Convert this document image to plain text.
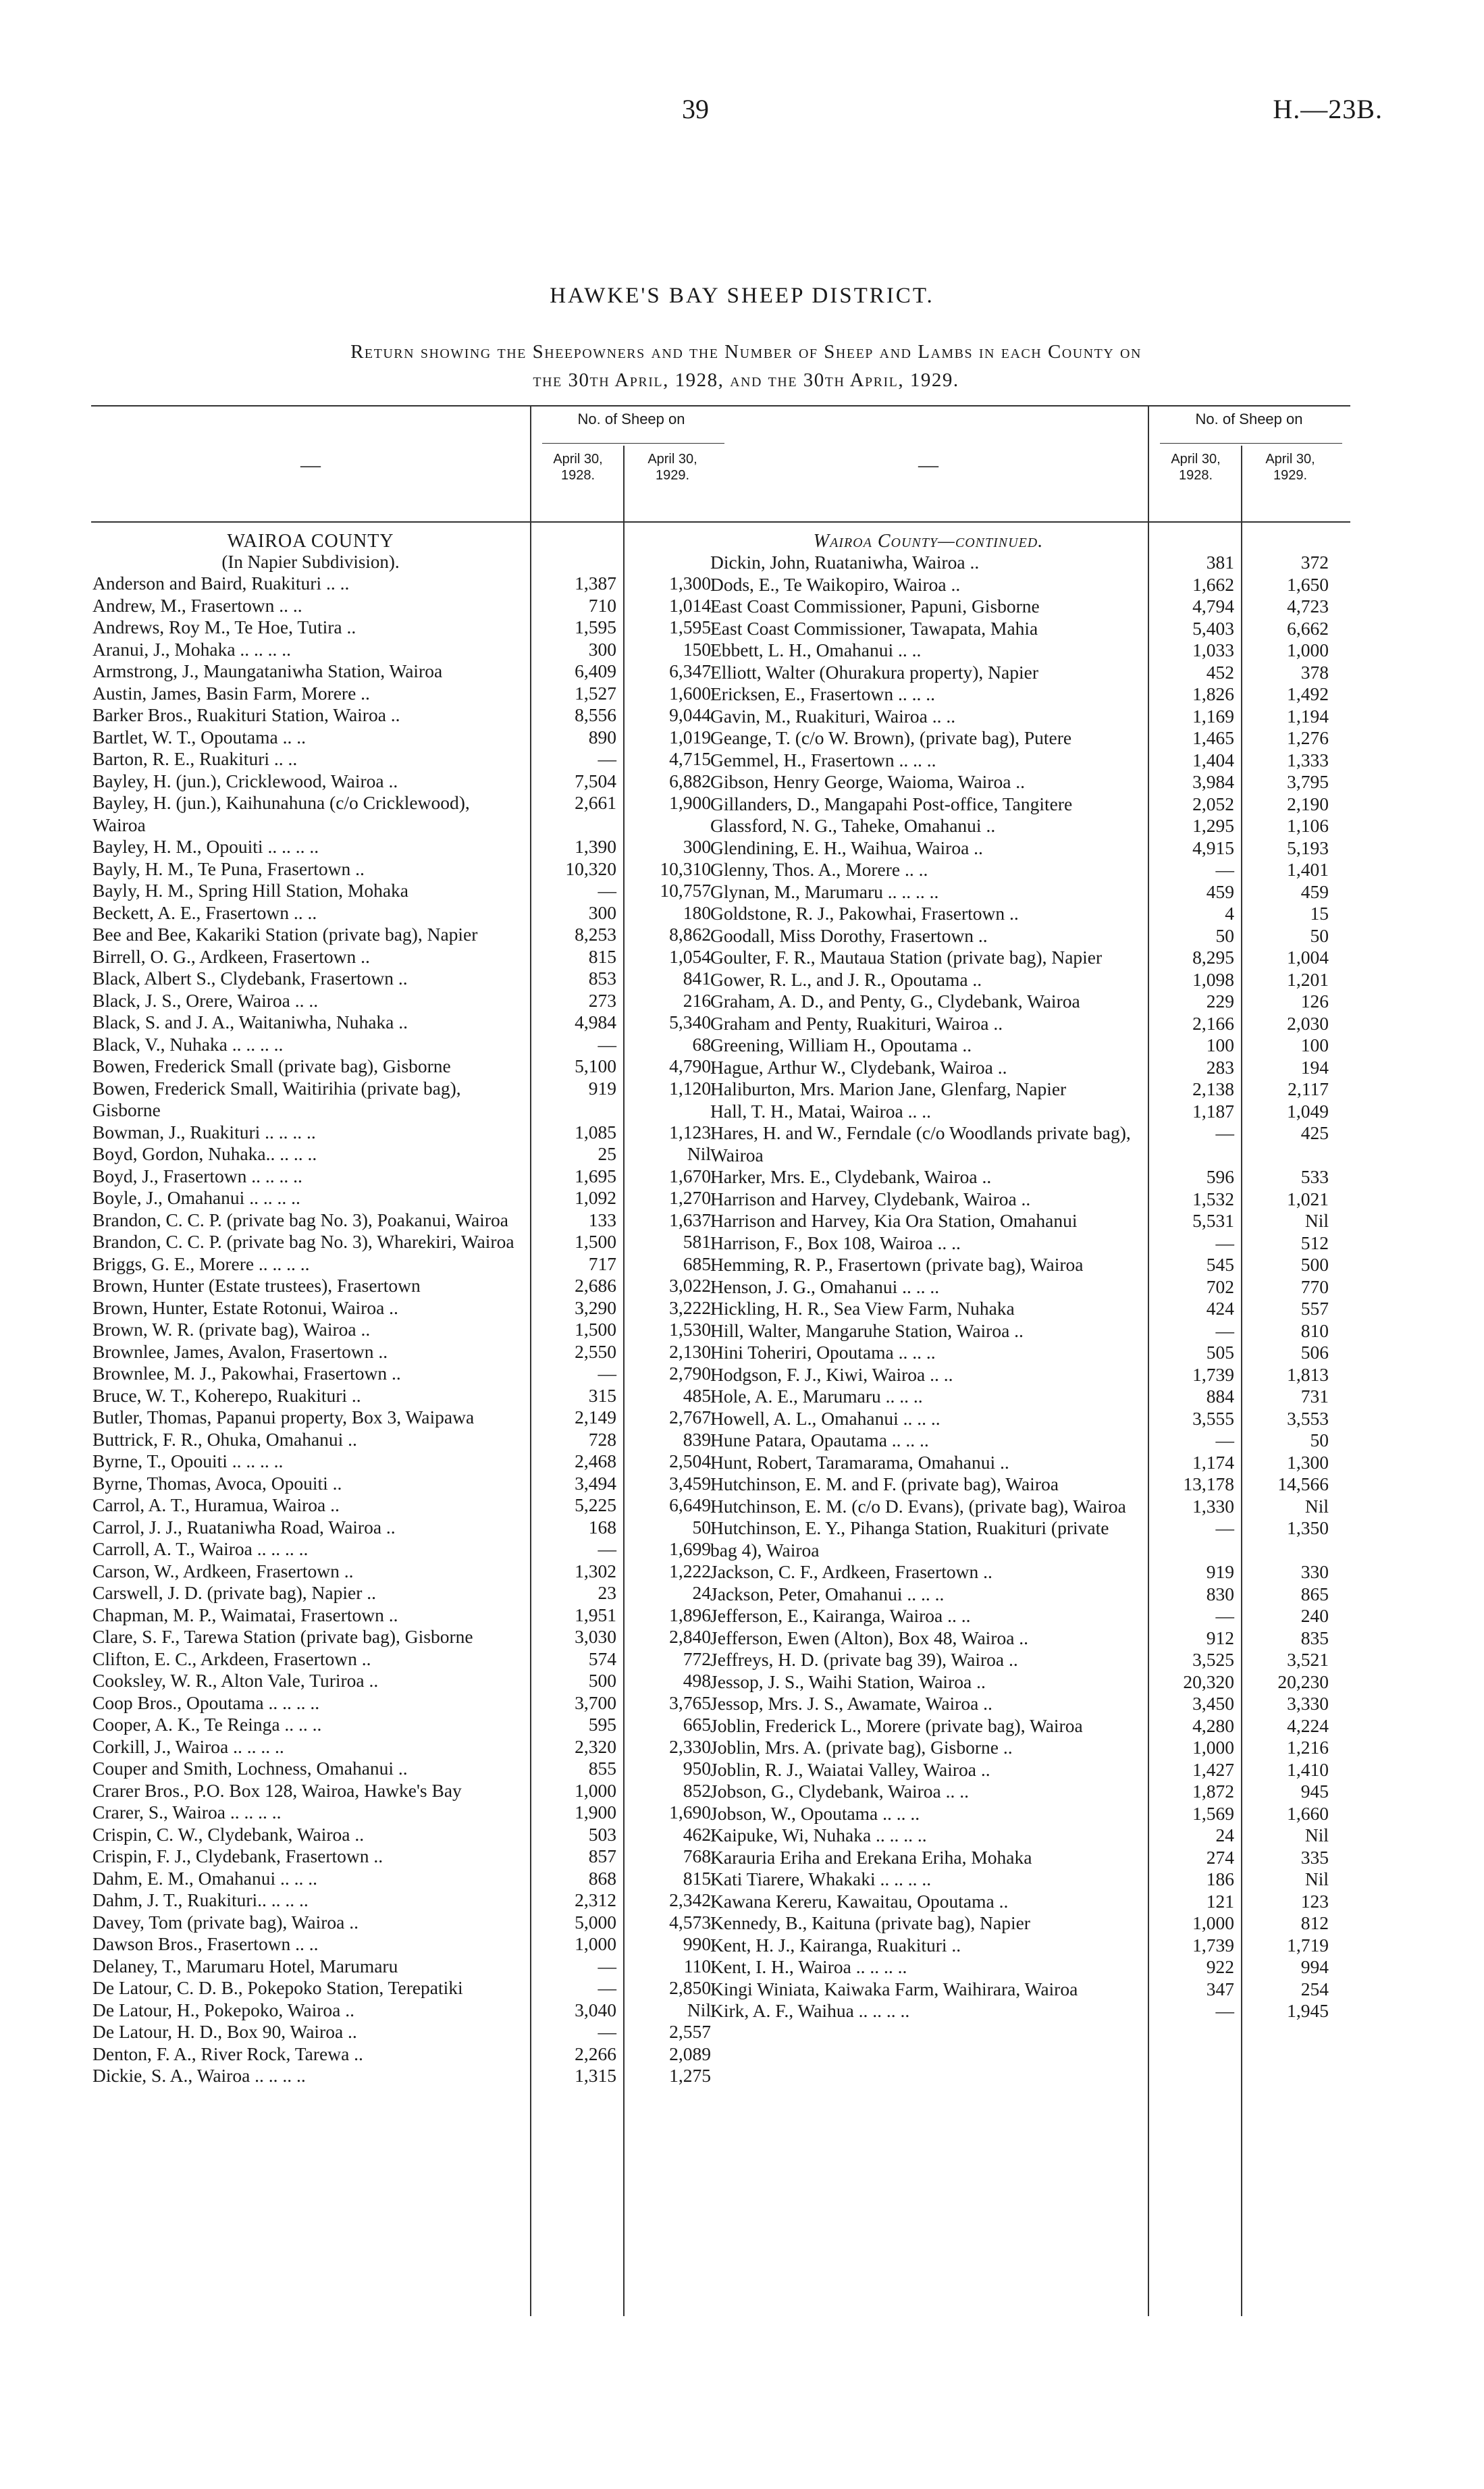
39	H.—23B.
HAWKE'S BAY SHEEP DISTRICT.
Return showing the Sheepowners and the Number of Sheep and Lambs in each County on
the 30th April, 1928, and the 30th April, 1929.
—
No. of Sheep on
April 30,
1928.
April 30,
1929.
WAIROA COUNTY
(In Napier Subdivision).
Anderson and Baird, Ruakituri .. ..	1,387	1,300
Andrew, M., Frasertown .. ..	710	1,014
Andrews, Roy M., Te Hoe, Tutira ..	1,595	1,595
Aranui, J., Mohaka .. .. .. ..	300	150
Armstrong, J., Maungataniwha Station, Wairoa	6,409	6,347
Austin, James, Basin Farm, Morere ..	1,527	1,600
Barker Bros., Ruakituri Station, Wairoa ..	8,556	9,044
Bartlet, W. T., Opoutama .. ..	890	1,019
Barton, R. E., Ruakituri .. ..	—	4,715
Bayley, H. (jun.), Cricklewood, Wairoa ..	7,504	6,882
Bayley, H. (jun.), Kaihunahuna (c/o Cricklewood), Wairoa
2,661	1,900
Bayley, H. M., Opouiti .. .. .. ..	1,390	300
Bayly, H. M., Te Puna, Frasertown ..	10,320	10,310
Bayly, H. M., Spring Hill Station, Mohaka	—	10,757
Beckett, A. E., Frasertown .. ..	300	180
Bee and Bee, Kakariki Station (private bag), Napier	8,253	8,862
Birrell, O. G., Ardkeen, Frasertown ..	815	1,054
Black, Albert S., Clydebank, Frasertown ..	853	841
Black, J. S., Orere, Wairoa .. ..	273	216
Black, S. and J. A., Waitaniwha, Nuhaka ..	4,984	5,340
Black, V., Nuhaka .. .. .. ..	—	68
Bowen, Frederick Small (private bag), Gisborne	5,100	4,790
Bowen, Frederick Small, Waitirihia (private bag), Gisborne
919	1,120
Bowman, J., Ruakituri .. .. .. ..	1,085	1,123
Boyd, Gordon, Nuhaka.. .. .. ..	25	Nil
Boyd, J., Frasertown .. .. .. ..	1,695	1,670
Boyle, J., Omahanui .. .. .. ..	1,092	1,270
Brandon, C. C. P. (private bag No. 3), Poakanui, Wairoa	133	1,637
Brandon, C. C. P. (private bag No. 3), Wharekiri, Wairoa	1,500	581
Briggs, G. E., Morere .. .. .. ..	717	685
Brown, Hunter (Estate trustees), Frasertown	2,686	3,022
Brown, Hunter, Estate Rotonui, Wairoa ..	3,290	3,222
Brown, W. R. (private bag), Wairoa ..	1,500	1,530
Brownlee, James, Avalon, Frasertown ..	2,550	2,130
Brownlee, M. J., Pakowhai, Frasertown ..	—	2,790
Bruce, W. T., Koherepo, Ruakituri ..	315	485
Butler, Thomas, Papanui property, Box 3, Waipawa	2,149	2,767
Buttrick, F. R., Ohuka, Omahanui ..	728	839
Byrne, T., Opouiti .. .. .. ..	2,468	2,504
Byrne, Thomas, Avoca, Opouiti ..	3,494	3,459
Carrol, A. T., Huramua, Wairoa ..	5,225	6,649
Carrol, J. J., Ruataniwha Road, Wairoa ..	168	50
Carroll, A. T., Wairoa .. .. .. ..	—	1,699
Carson, W., Ardkeen, Frasertown ..	1,302	1,222
Carswell, J. D. (private bag), Napier ..	23	24
Chapman, M. P., Waimatai, Frasertown ..	1,951	1,896
Clare, S. F., Tarewa Station (private bag), Gisborne	3,030	2,840
Clifton, E. C., Arkdeen, Frasertown ..	574	772
Cooksley, W. R., Alton Vale, Turiroa ..	500	498
Coop Bros., Opoutama .. .. .. ..	3,700	3,765
Cooper, A. K., Te Reinga .. .. ..	595	665
Corkill, J., Wairoa .. .. .. ..	2,320	2,330
Couper and Smith, Lochness, Omahanui ..	855	950
Crarer Bros., P.O. Box 128, Wairoa, Hawke's Bay	1,000	852
Crarer, S., Wairoa .. .. .. ..	1,900	1,690
Crispin, C. W., Clydebank, Wairoa ..	503	462
Crispin, F. J., Clydebank, Frasertown ..	857	768
Dahm, E. M., Omahanui .. .. ..	868	815
Dahm, J. T., Ruakituri.. .. .. ..	2,312	2,342
Davey, Tom (private bag), Wairoa ..	5,000	4,573
Dawson Bros., Frasertown .. ..	1,000	990
Delaney, T., Marumaru Hotel, Marumaru	—	110
De Latour, C. D. B., Pokepoko Station, Terepatiki	—	2,850
De Latour, H., Pokepoko, Wairoa ..	3,040	Nil
De Latour, H. D., Box 90, Wairoa ..	—	2,557
Denton, F. A., River Rock, Tarewa ..	2,266	2,089
Dickie, S. A., Wairoa .. .. .. ..	1,315	1,275
—
No. of Sheep on
April 30,
1928.
April 30,
1929.
Wairoa County—continued.
Dickin, John, Ruataniwha, Wairoa ..	381	372
Dods, E., Te Waikopiro, Wairoa ..	1,662	1,650
East Coast Commissioner, Papuni, Gisborne	4,794	4,723
East Coast Commissioner, Tawapata, Mahia	5,403	6,662
Ebbett, L. H., Omahanui .. ..	1,033	1,000
Elliott, Walter (Ohurakura property), Napier	452	378
Ericksen, E., Frasertown .. .. ..	1,826	1,492
Gavin, M., Ruakituri, Wairoa .. ..	1,169	1,194
Geange, T. (c/o W. Brown), (private bag), Putere	1,465	1,276
Gemmel, H., Frasertown .. .. ..	1,404	1,333
Gibson, Henry George, Waioma, Wairoa ..	3,984	3,795
Gillanders, D., Mangapahi Post-office, Tangitere	2,052	2,190
Glassford, N. G., Taheke, Omahanui ..	1,295	1,106
Glendining, E. H., Waihua, Wairoa ..	4,915	5,193
Glenny, Thos. A., Morere .. ..	—	1,401
Glynan, M., Marumaru .. .. .. ..	459	459
Goldstone, R. J., Pakowhai, Frasertown ..	4	15
Goodall, Miss Dorothy, Frasertown ..	50	50
Goulter, F. R., Mautaua Station (private bag), Napier	8,295	1,004
Gower, R. L., and J. R., Opoutama ..	1,098	1,201
Graham, A. D., and Penty, G., Clydebank, Wairoa	229	126
Graham and Penty, Ruakituri, Wairoa ..	2,166	2,030
Greening, William H., Opoutama ..	100	100
Hague, Arthur W., Clydebank, Wairoa ..	283	194
Haliburton, Mrs. Marion Jane, Glenfarg, Napier	2,138	2,117
Hall, T. H., Matai, Wairoa .. ..	1,187	1,049
Hares, H. and W., Ferndale (c/o Woodlands private bag), Wairoa
—	425
Harker, Mrs. E., Clydebank, Wairoa ..	596	533
Harrison and Harvey, Clydebank, Wairoa ..	1,532	1,021
Harrison and Harvey, Kia Ora Station, Omahanui	5,531	Nil
Harrison, F., Box 108, Wairoa .. ..	—	512
Hemming, R. P., Frasertown (private bag), Wairoa	545	500
Henson, J. G., Omahanui .. .. ..	702	770
Hickling, H. R., Sea View Farm, Nuhaka	424	557
Hill, Walter, Mangaruhe Station, Wairoa ..	—	810
Hini Toheriri, Opoutama .. .. ..	505	506
Hodgson, F. J., Kiwi, Wairoa .. ..	1,739	1,813
Hole, A. E., Marumaru .. .. ..	884	731
Howell, A. L., Omahanui .. .. ..	3,555	3,553
Hune Patara, Opautama .. .. ..	—	50
Hunt, Robert, Taramarama, Omahanui ..	1,174	1,300
Hutchinson, E. M. and F. (private bag), Wairoa	13,178	14,566
Hutchinson, E. M. (c/o D. Evans), (private bag), Wairoa	1,330	Nil
Hutchinson, E. Y., Pihanga Station, Ruakituri (private bag 4), Wairoa
—	1,350
Jackson, C. F., Ardkeen, Frasertown ..	919	330
Jackson, Peter, Omahanui .. .. ..	830	865
Jefferson, E., Kairanga, Wairoa .. ..	—	240
Jefferson, Ewen (Alton), Box 48, Wairoa ..	912	835
Jeffreys, H. D. (private bag 39), Wairoa ..	3,525	3,521
Jessop, J. S., Waihi Station, Wairoa ..	20,320	20,230
Jessop, Mrs. J. S., Awamate, Wairoa ..	3,450	3,330
Joblin, Frederick L., Morere (private bag), Wairoa	4,280	4,224
Joblin, Mrs. A. (private bag), Gisborne ..	1,000	1,216
Joblin, R. J., Waiatai Valley, Wairoa ..	1,427	1,410
Jobson, G., Clydebank, Wairoa .. ..	1,872	945
Jobson, W., Opoutama .. .. ..	1,569	1,660
Kaipuke, Wi, Nuhaka .. .. .. ..	24	Nil
Karauria Eriha and Erekana Eriha, Mohaka	274	335
Kati Tiarere, Whakaki .. .. .. ..	186	Nil
Kawana Kereru, Kawaitau, Opoutama ..	121	123
Kennedy, B., Kaituna (private bag), Napier	1,000	812
Kent, H. J., Kairanga, Ruakituri ..	1,739	1,719
Kent, I. H., Wairoa .. .. .. ..	922	994
Kingi Winiata, Kaiwaka Farm, Waihirara, Wairoa	347	254
Kirk, A. F., Waihua .. .. .. ..	—	1,945
